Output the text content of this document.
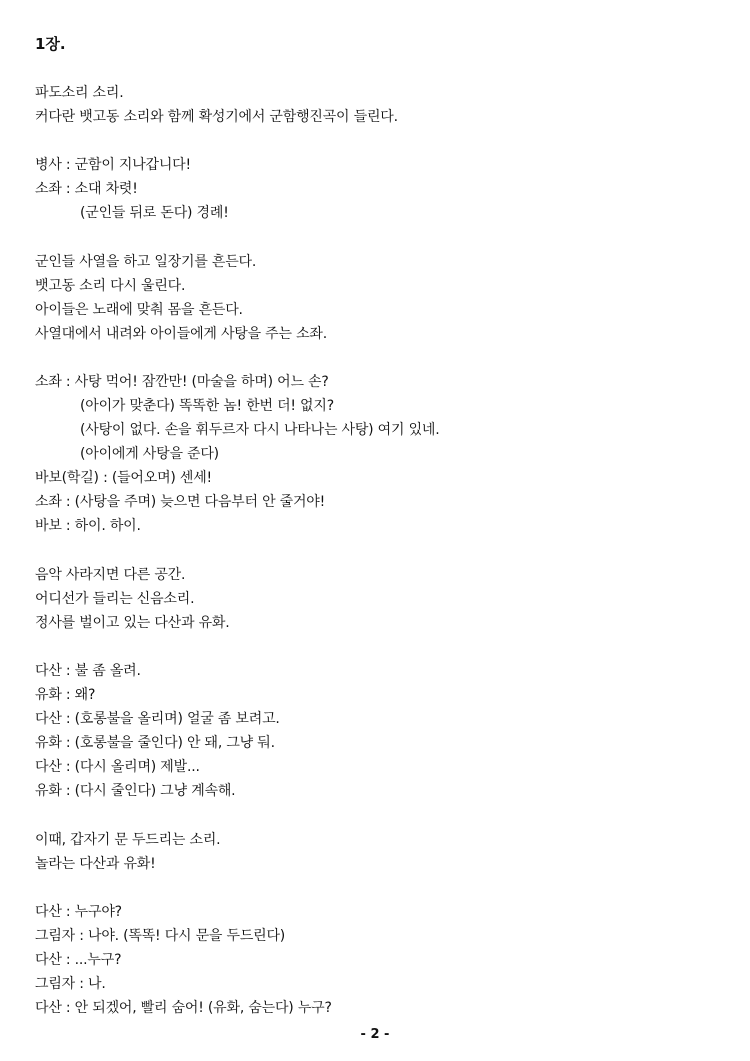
1장.
파도소리 소리.
커다란 뱃고동 소리와 함께 확성기에서 군함행진곡이 들린다.
병사 : 군함이 지나갑니다!
소좌 : 소대 차렷!
(군인들 뒤로 돈다) 경례!
군인들 사열을 하고 일장기를 흔든다.
뱃고동 소리 다시 울린다.
아이들은 노래에 맞춰 몸을 흔든다.
사열대에서 내려와 아이들에게 사탕을 주는 소좌.
소좌 : 사탕 먹어! 잠깐만! (마술을 하며) 어느 손?
(아이가 맞춘다) 똑똑한 놈! 한번 더! 없지?
(사탕이 없다. 손을 휘두르자 다시 나타나는 사탕) 여기 있네.
(아이에게 사탕을 준다)
바보(학길) : (들어오며) 센세!
소좌 : (사탕을 주며) 늦으면 다음부터 안 줄거야!
바보 : 하이. 하이.
음악 사라지면 다른 공간.
어디선가 들리는 신음소리.
정사를 벌이고 있는 다산과 유화.
다산 : 불 좀 올려.
유화 : 왜?
다산 : (호롱불을 올리며) 얼굴 좀 보려고.
유화 : (호롱불을 줄인다) 안 돼, 그냥 둬.
다산 : (다시 올리며) 제발...
유화 : (다시 줄인다) 그냥 계속해.
이때, 갑자기 문 두드리는 소리.
놀라는 다산과 유화!
다산 : 누구야?
그림자 : 나야. (똑똑! 다시 문을 두드린다)
다산 : ...누구?
그림자 : 나.
다산 : 안 되겠어, 빨리 숨어! (유화, 숨는다) 누구?
- 2 -
